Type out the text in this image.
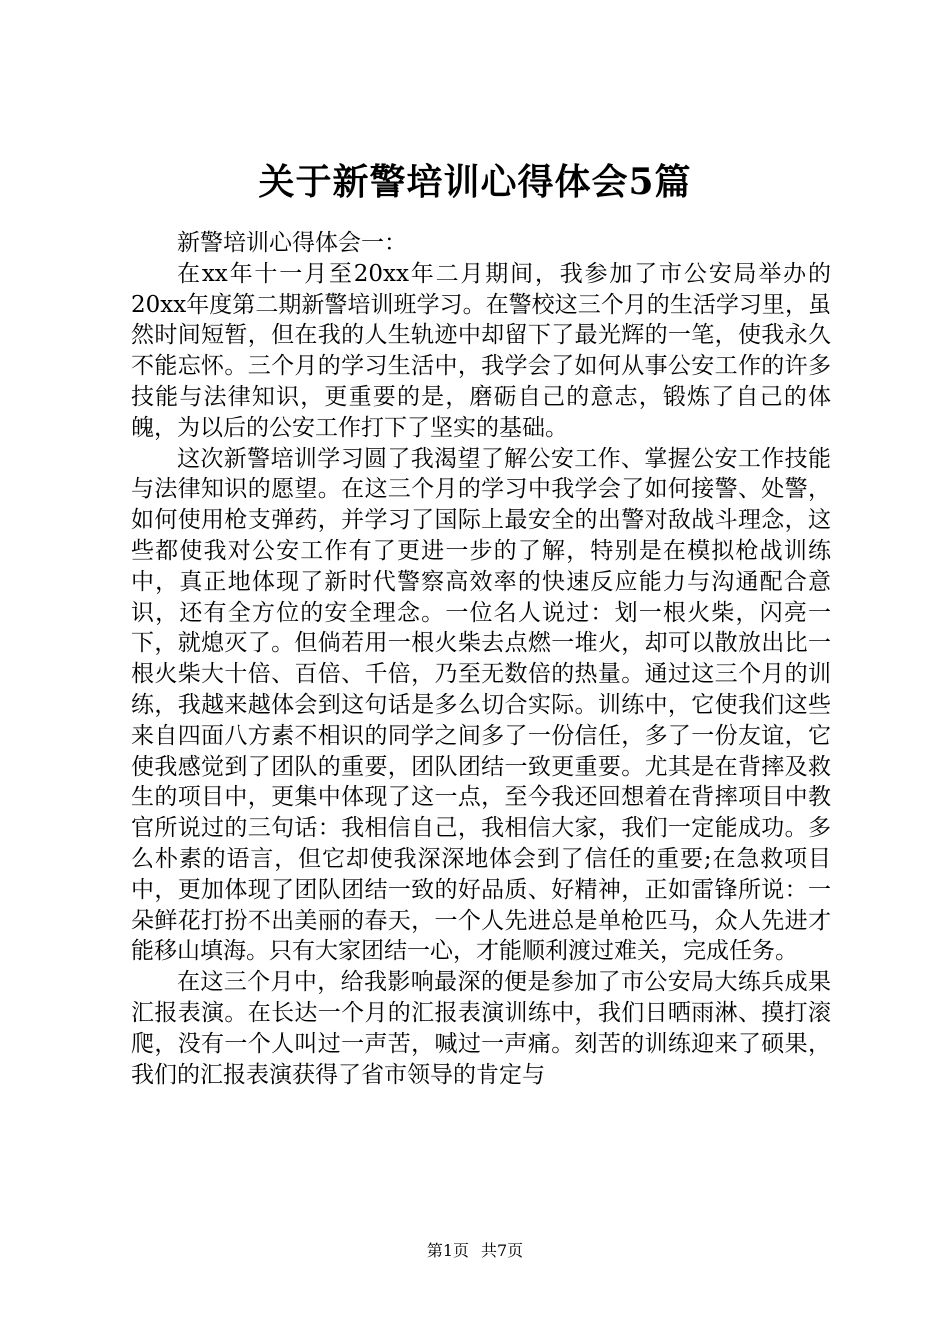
关于新警培训心得体会5篇

新警培训心得体会一：

在xx年十一月至20xx年二月期间，我参加了市公安局举办的20xx年度第二期新警培训班学习。在警校这三个月的生活学习里，虽然时间短暂，但在我的人生轨迹中却留下了最光辉的一笔，使我永久不能忘怀。三个月的学习生活中，我学会了如何从事公安工作的许多技能与法律知识，更重要的是，磨砺自己的意志，锻炼了自己的体魄，为以后的公安工作打下了坚实的基础。

这次新警培训学习圆了我渴望了解公安工作、掌握公安工作技能与法律知识的愿望。在这三个月的学习中我学会了如何接警、处警，如何使用枪支弹药，并学习了国际上最安全的出警对敌战斗理念，这些都使我对公安工作有了更进一步的了解，特别是在模拟枪战训练中，真正地体现了新时代警察高效率的快速反应能力与沟通配合意识，还有全方位的安全理念。一位名人说过：划一根火柴，闪亮一下，就熄灭了。但倘若用一根火柴去点燃一堆火，却可以散放出比一根火柴大十倍、百倍、千倍，乃至无数倍的热量。通过这三个月的训练，我越来越体会到这句话是多么切合实际。训练中，它使我们这些来自四面八方素不相识的同学之间多了一份信任，多了一份友谊，它使我感觉到了团队的重要，团队团结一致更重要。尤其是在背摔及救生的项目中，更集中体现了这一点，至今我还回想着在背摔项目中教官所说过的三句话：我相信自己，我相信大家，我们一定能成功。多么朴素的语言，但它却使我深深地体会到了信任的重要;在急救项目中，更加体现了团队团结一致的好品质、好精神，正如雷锋所说：一朵鲜花打扮不出美丽的春天，一个人先进总是单枪匹马，众人先进才能移山填海。只有大家团结一心，才能顺利渡过难关，完成任务。

在这三个月中，给我影响最深的便是参加了市公安局大练兵成果汇报表演。在长达一个月的汇报表演训练中，我们日晒雨淋、摸打滚爬，没有一个人叫过一声苦，喊过一声痛。刻苦的训练迎来了硕果，我们的汇报表演获得了省市领导的肯定与

第1页 共7页
